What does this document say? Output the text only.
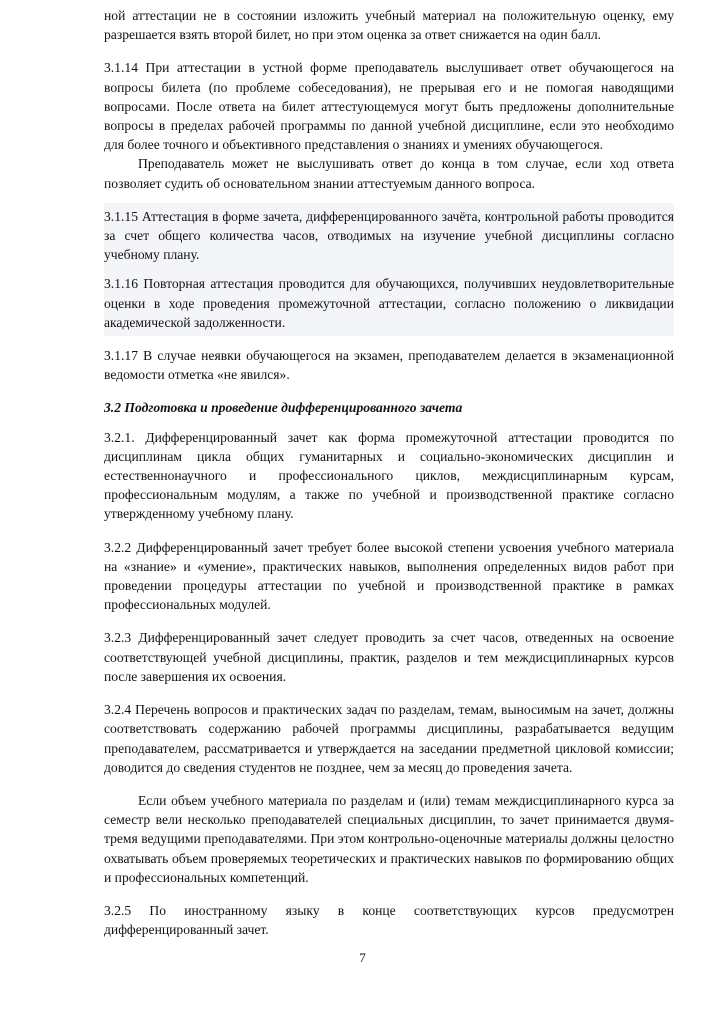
ной аттестации не в состоянии изложить учебный материал на положительную оценку, ему разрешается взять второй билет, но при этом оценка за ответ снижается на один балл.

3.1.14 При аттестации в устной форме преподаватель выслушивает ответ обучающегося на вопросы билета (по проблеме собеседования), не прерывая его и не помогая наводящими вопросами. После ответа на билет аттестующемуся могут быть предложены дополнительные вопросы в пределах рабочей программы по данной учебной дисциплине, если это необходимо для более точного и объективного представления о знаниях и умениях обучающегося.

Преподаватель может не выслушивать ответ до конца в том случае, если ход ответа позволяет судить об основательном знании аттестуемым данного вопроса.

3.1.15 Аттестация в форме зачета, дифференцированного зачёта, контрольной работы проводится за счет общего количества часов, отводимых на изучение учебной дисциплины согласно учебному плану.

3.1.16 Повторная аттестация проводится для обучающихся, получивших неудовлетворительные оценки в ходе проведения промежуточной аттестации, согласно положению о ликвидации академической задолженности.

3.1.17 В случае неявки обучающегося на экзамен, преподавателем делается в экзаменационной ведомости отметка «не явился».

3.2 Подготовка и проведение дифференцированного зачета

3.2.1. Дифференцированный зачет как форма промежуточной аттестации проводится по дисциплинам цикла общих гуманитарных и социально-экономических дисциплин и естественнонаучного и профессионального циклов, междисциплинарным курсам, профессиональным модулям, а также по учебной и производственной практике согласно утвержденному учебному плану.

3.2.2 Дифференцированный зачет требует более высокой степени усвоения учебного материала на «знание» и «умение», практических навыков, выполнения определенных видов работ при проведении процедуры аттестации по учебной и производственной практике в рамках профессиональных модулей.

3.2.3 Дифференцированный зачет следует проводить за счет часов, отведенных на освоение соответствующей учебной дисциплины, практик, разделов и тем междисциплинарных курсов после завершения их освоения.

3.2.4 Перечень вопросов и практических задач по разделам, темам, выносимым на зачет, должны соответствовать содержанию рабочей программы дисциплины, разрабатывается ведущим преподавателем, рассматривается и утверждается на заседании предметной цикловой комиссии; доводится до сведения студентов не позднее, чем за месяц до проведения зачета.

Если объем учебного материала по разделам и (или) темам междисциплинарного курса за семестр вели несколько преподавателей специальных дисциплин, то зачет принимается двумя-тремя ведущими преподавателями. При этом контрольно-оценочные материалы должны целостно охватывать объем проверяемых теоретических и практических навыков по формированию общих и профессиональных компетенций.

3.2.5 По иностранному языку в конце соответствующих курсов предусмотрен дифференцированный зачет.

7
